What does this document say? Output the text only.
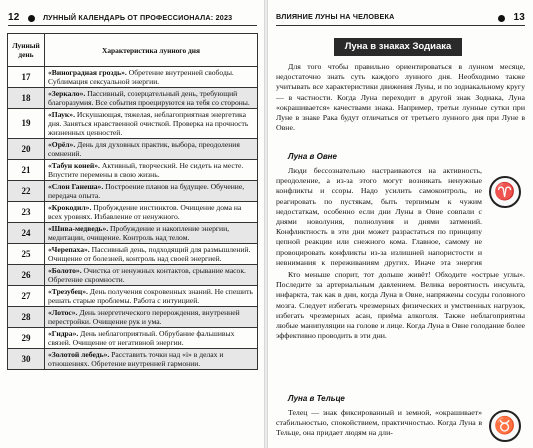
12	ЛУННЫЙ КАЛЕНДАРЬ ОТ ПРОФЕССИОНАЛА: 2023
Лунный день	Характеристика лунного дня
17	«Виноградная гроздь». Обретение внутренней свободы. Сублимация сексуальной энергии.
18	«Зеркало». Пассивный, созерцательный день, требующий благоразумия. Все события проецируются на тебя со стороны.
19	«Паук». Искушающая, тяжелая, неблагоприятная энергетика дня. Заняться нравственной очисткой. Проверка на прочность жизненных ценностей.
20	«Орёл». День для духовных практик, выбора, преодоления сомнений.
21	«Табун коней». Активный, творческий. Не сидеть на месте. Впустите перемены в свою жизнь.
22	«Слон Ганеша». Построение планов на будущее. Обучение, передача опыта.
23	«Крокодил». Пробуждение инстинктов. Очищение дома на всех уровнях. Избавление от ненужного.
24	«Шива-медведь». Пробуждение и накопление энергии, медитации, очищение. Контроль над телом.
25	«Черепаха». Пассивный день, подходящий для размышлений. Очищение от болезней, контроль над своей энергией.
26	«Болото». Очистка от ненужных контактов, срывание масок. Обретение скромности.
27	«Трезубец». День получения сокровенных знаний. Не спешить решать старые проблемы. Работа с интуицией.
28	«Лотос». День энергетического перерождения, внутренней перестройки. Очищение рук и ума.
29	«Гидра». День неблагоприятный. Обрубание фальшивых связей. Очищение от негативной энергии.
30	«Золотой лебедь». Расставить точки над «i» в делах и отношениях. Обретение внутренней гармонии.
ВЛИЯНИЕ ЛУНЫ НА ЧЕЛОВЕКА	13
Луна в знаках Зодиака
Для того чтобы правильно ориентироваться в лунном месяце, недостаточно знать суть каждого лунного дня. Необходимо также учитывать все характеристики движения Луны, и по зодиакальному кругу — в частности. Когда Луна переходит в другой знак Зодиака, Луна «окрашивается» качествами знака. Например, третьи лунные сутки при Луне в знаке Рака будут отличаться от третьего лунного дня при Луне в Овне.
Луна в Овне
♈
Люди бессознательно настраиваются на активность, преодоление, а из-за этого могут возникать ненужные конфликты и ссоры. Надо усилить самоконтроль, не реагировать по пустякам, быть терпимым к чужим недостаткам, особенно если дни Луны в Овне совпали с днями новолуния, полнолуния и днями затмений. Конфликтность в эти дни может разрастаться по принципу цепной реакции или снежного кома. Главное, самому не провоцировать конфликты из-за излишней напористости и невнимания к переживаниям других. Иначе эта энергия
Кто меньше спорит, тот дольше живёт! Обходите «острые углы». Последите за артериальным давлением. Велика вероятность инсульта, инфаркта, так как в дни, когда Луна в Овне, напряжены сосуды головного мозга. Следует избегать чрезмерных физических и умственных нагрузок, избегать чрезмерных асан, приёма алкоголя. Также неблагоприятны любые манипуляции на голове и лице. Когда Луна в Овне голодание более эффективно проводить в эти дни.
Луна в Тельце
♉
Телец — знак фиксированный и земной, «окрашивает» стабильностью, спокойствием, практичностью. Когда Луна в Тельце, она придает людям на дли-
